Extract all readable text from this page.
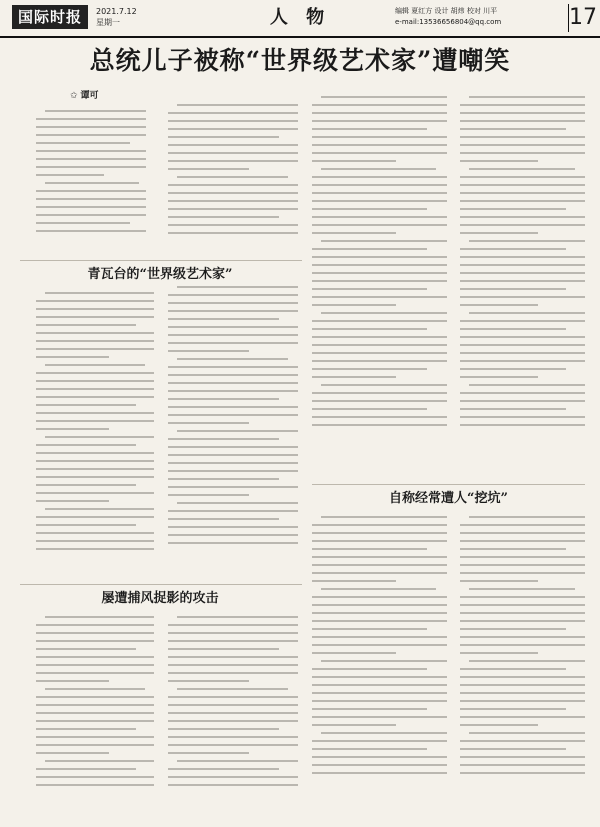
国际时报	2021.7.12
星期一	人 物	编辑 夏红方 设计 胡炜 校对 川平
e-mail:13536656804@qq.com	17
总统儿子被称“世界级艺术家”遭嘲笑
✩ 谭可
青瓦台的“世界级艺术家”
屡遭捕风捉影的攻击
自称经常遭人“挖坑”
